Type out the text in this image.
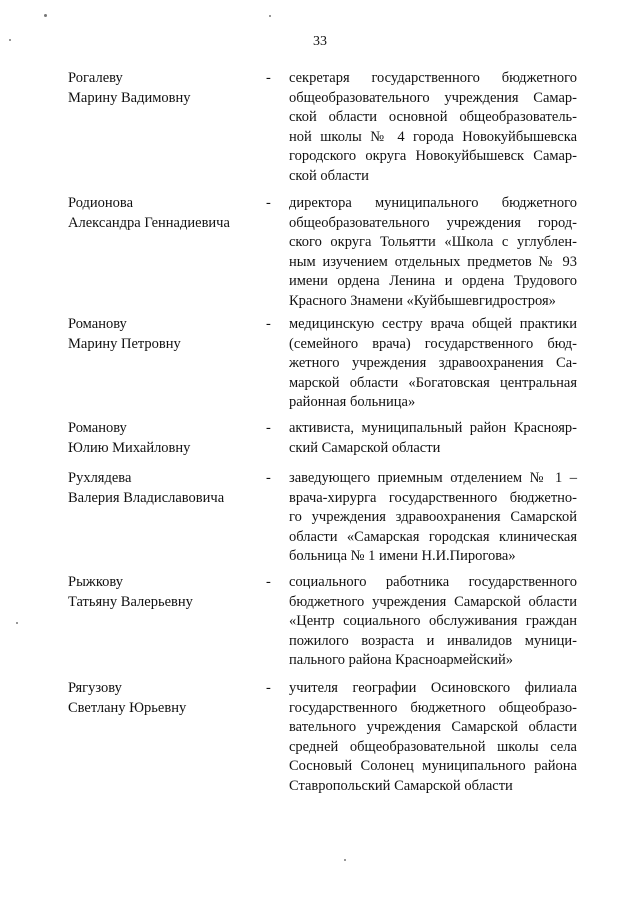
33
Рогалеву
Марину Вадимовну
- секретаря государственного бюджетного
общеобразовательного учреждения Самар-
ской области основной общеобразователь-
ной школы № 4 города Новокуйбышевска
городского округа Новокуйбышевск Самар-
ской области
Родионова
Александра Геннадиевича
- директора муниципального бюджетного
общеобразовательного учреждения город-
ского округа Тольятти «Школа с углублен-
ным изучением отдельных предметов № 93
имени ордена Ленина и ордена Трудового
Красного Знамени «Куйбышевгидростроя»
Романову
Марину Петровну
- медицинскую сестру врача общей практики
(семейного врача) государственного бюд-
жетного учреждения здравоохранения Са-
марской области «Богатовская центральная
районная больница»
Романову
Юлию Михайловну
- активиста, муниципальный район Краснояр-
ский Самарской области
Рухлядева
Валерия Владиславовича
- заведующего приемным отделением № 1 –
врача-хирурга государственного бюджетно-
го учреждения здравоохранения Самарской
области «Самарская городская клиническая
больница № 1 имени Н.И.Пирогова»
Рыжкову
Татьяну Валерьевну
- социального работника государственного
бюджетного учреждения Самарской области
«Центр социального обслуживания граждан
пожилого возраста и инвалидов муници-
пального района Красноармейский»
Рягузову
Светлану Юрьевну
- учителя географии Осиновского филиала
государственного бюджетного общеобразо-
вательного учреждения Самарской области
средней общеобразовательной школы села
Сосновый Солонец муниципального района
Ставропольский Самарской области
